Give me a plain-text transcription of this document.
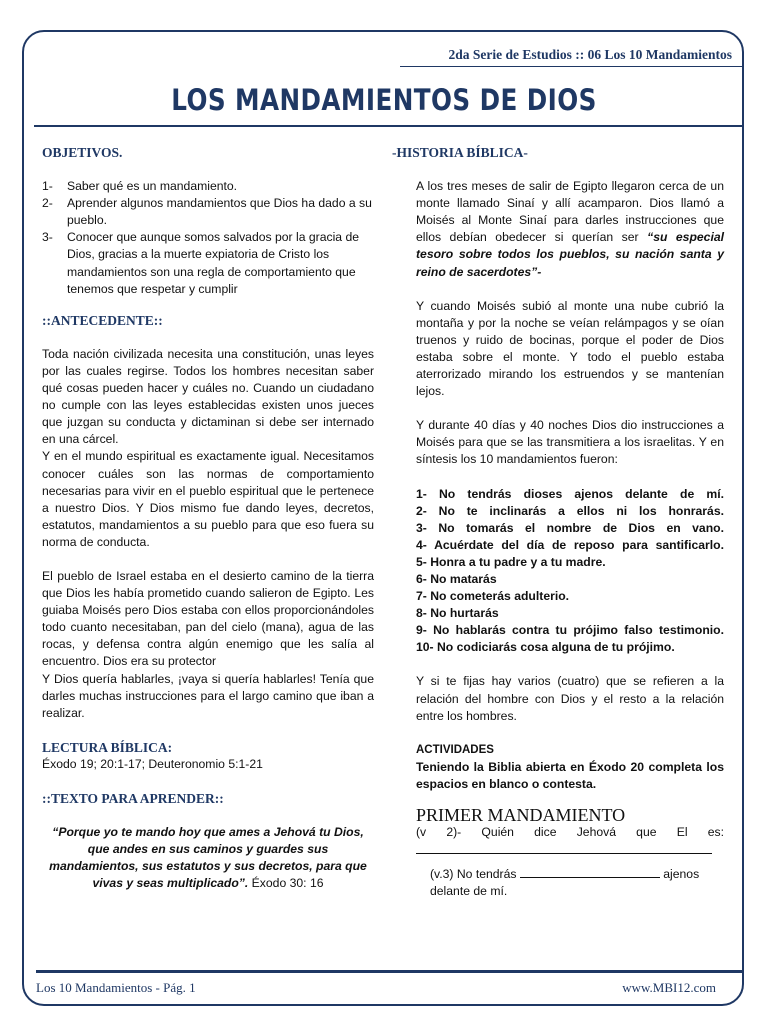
2da Serie de Estudios :: 06 Los 10 Mandamientos
LOS MANDAMIENTOS DE DIOS
OBJETIVOS.
1- Saber qué es un mandamiento.
2- Aprender algunos mandamientos que Dios ha dado a su pueblo.
3- Conocer que aunque somos salvados por la gracia de Dios, gracias a la muerte expiatoria de Cristo los mandamientos son una regla de comportamiento que tenemos que respetar y cumplir
::ANTECEDENTE::

Toda nación civilizada necesita una constitución, unas leyes por las cuales regirse. Todos los hombres necesitan saber qué cosas pueden hacer y cuáles no. Cuando un ciudadano no cumple con las leyes establecidas existen unos jueces que juzgan su conducta y dictaminan si debe ser internado en una cárcel.

Y en el mundo espiritual es exactamente igual. Necesitamos conocer cuáles son las normas de comportamiento necesarias para vivir en el pueblo espiritual que le pertenece a nuestro Dios. Y Dios mismo fue dando leyes, decretos, estatutos, mandamientos a su pueblo para que eso fuera su norma de conducta.

El pueblo de Israel estaba en el desierto camino de la tierra que Dios les había prometido cuando salieron de Egipto. Les guiaba Moisés pero Dios estaba con ellos proporcionándoles todo cuanto necesitaban, pan del cielo (mana), agua de las rocas, y defensa contra algún enemigo que les salía al encuentro. Dios era su protector

Y Dios quería hablarles, ¡vaya si quería hablarles! Tenía que darles muchas instrucciones para el largo camino que iban a realizar.

LECTURA BÍBLICA:
Éxodo 19; 20:1-17; Deuteronomio 5:1-21
::TEXTO PARA APRENDER::
“Porque yo te mando hoy que ames a Jehová tu Dios, que andes en sus caminos y guardes sus mandamientos, sus estatutos y sus decretos, para que vivas y seas multiplicado”. Éxodo 30: 16
-HISTORIA BÍBLICA-

A los tres meses de salir de Egipto llegaron cerca de un monte llamado Sinaí y allí acamparon. Dios llamó a Moisés al Monte Sinaí para darles instrucciones que ellos debían obedecer si querían ser “su especial tesoro sobre todos los pueblos, su nación santa y reino de sacerdotes”-

Y cuando Moisés subió al monte una nube cubrió la montaña y por la noche se veían relámpagos y se oían truenos y ruido de bocinas, porque el poder de Dios estaba sobre el monte. Y todo el pueblo estaba aterrorizado mirando los estruendos y se mantenían lejos.

Y durante 40 días y 40 noches Dios dio instrucciones a Moisés para que se las transmitiera a los israelitas. Y en síntesis los 10 mandamientos fueron:

1- No tendrás dioses ajenos delante de mí.
2- No te inclinarás a ellos ni los honrarás.
3- No tomarás el nombre de Dios en vano.
4- Acuérdate del día de reposo para santificarlo.
5- Honra a tu padre y a tu madre.
6- No matarás
7- No cometerás adulterio.
8- No hurtarás
9- No hablarás contra tu prójimo falso testimonio.
10- No codiciarás cosa alguna de tu prójimo.

Y si te fijas hay varios (cuatro) que se refieren a la relación del hombre con Dios y el resto a la relación entre los hombres.

ACTIVIDADES

Teniendo la Biblia abierta en Éxodo 20 completa los espacios en blanco o contesta.

PRIMER MANDAMIENTO
(v 2)- Quién dice Jehová que El es:
(v.3) No tendrás	ajenos
delante de mí.
Los 10 Mandamientos - Pág. 1	www.MBI12.com
